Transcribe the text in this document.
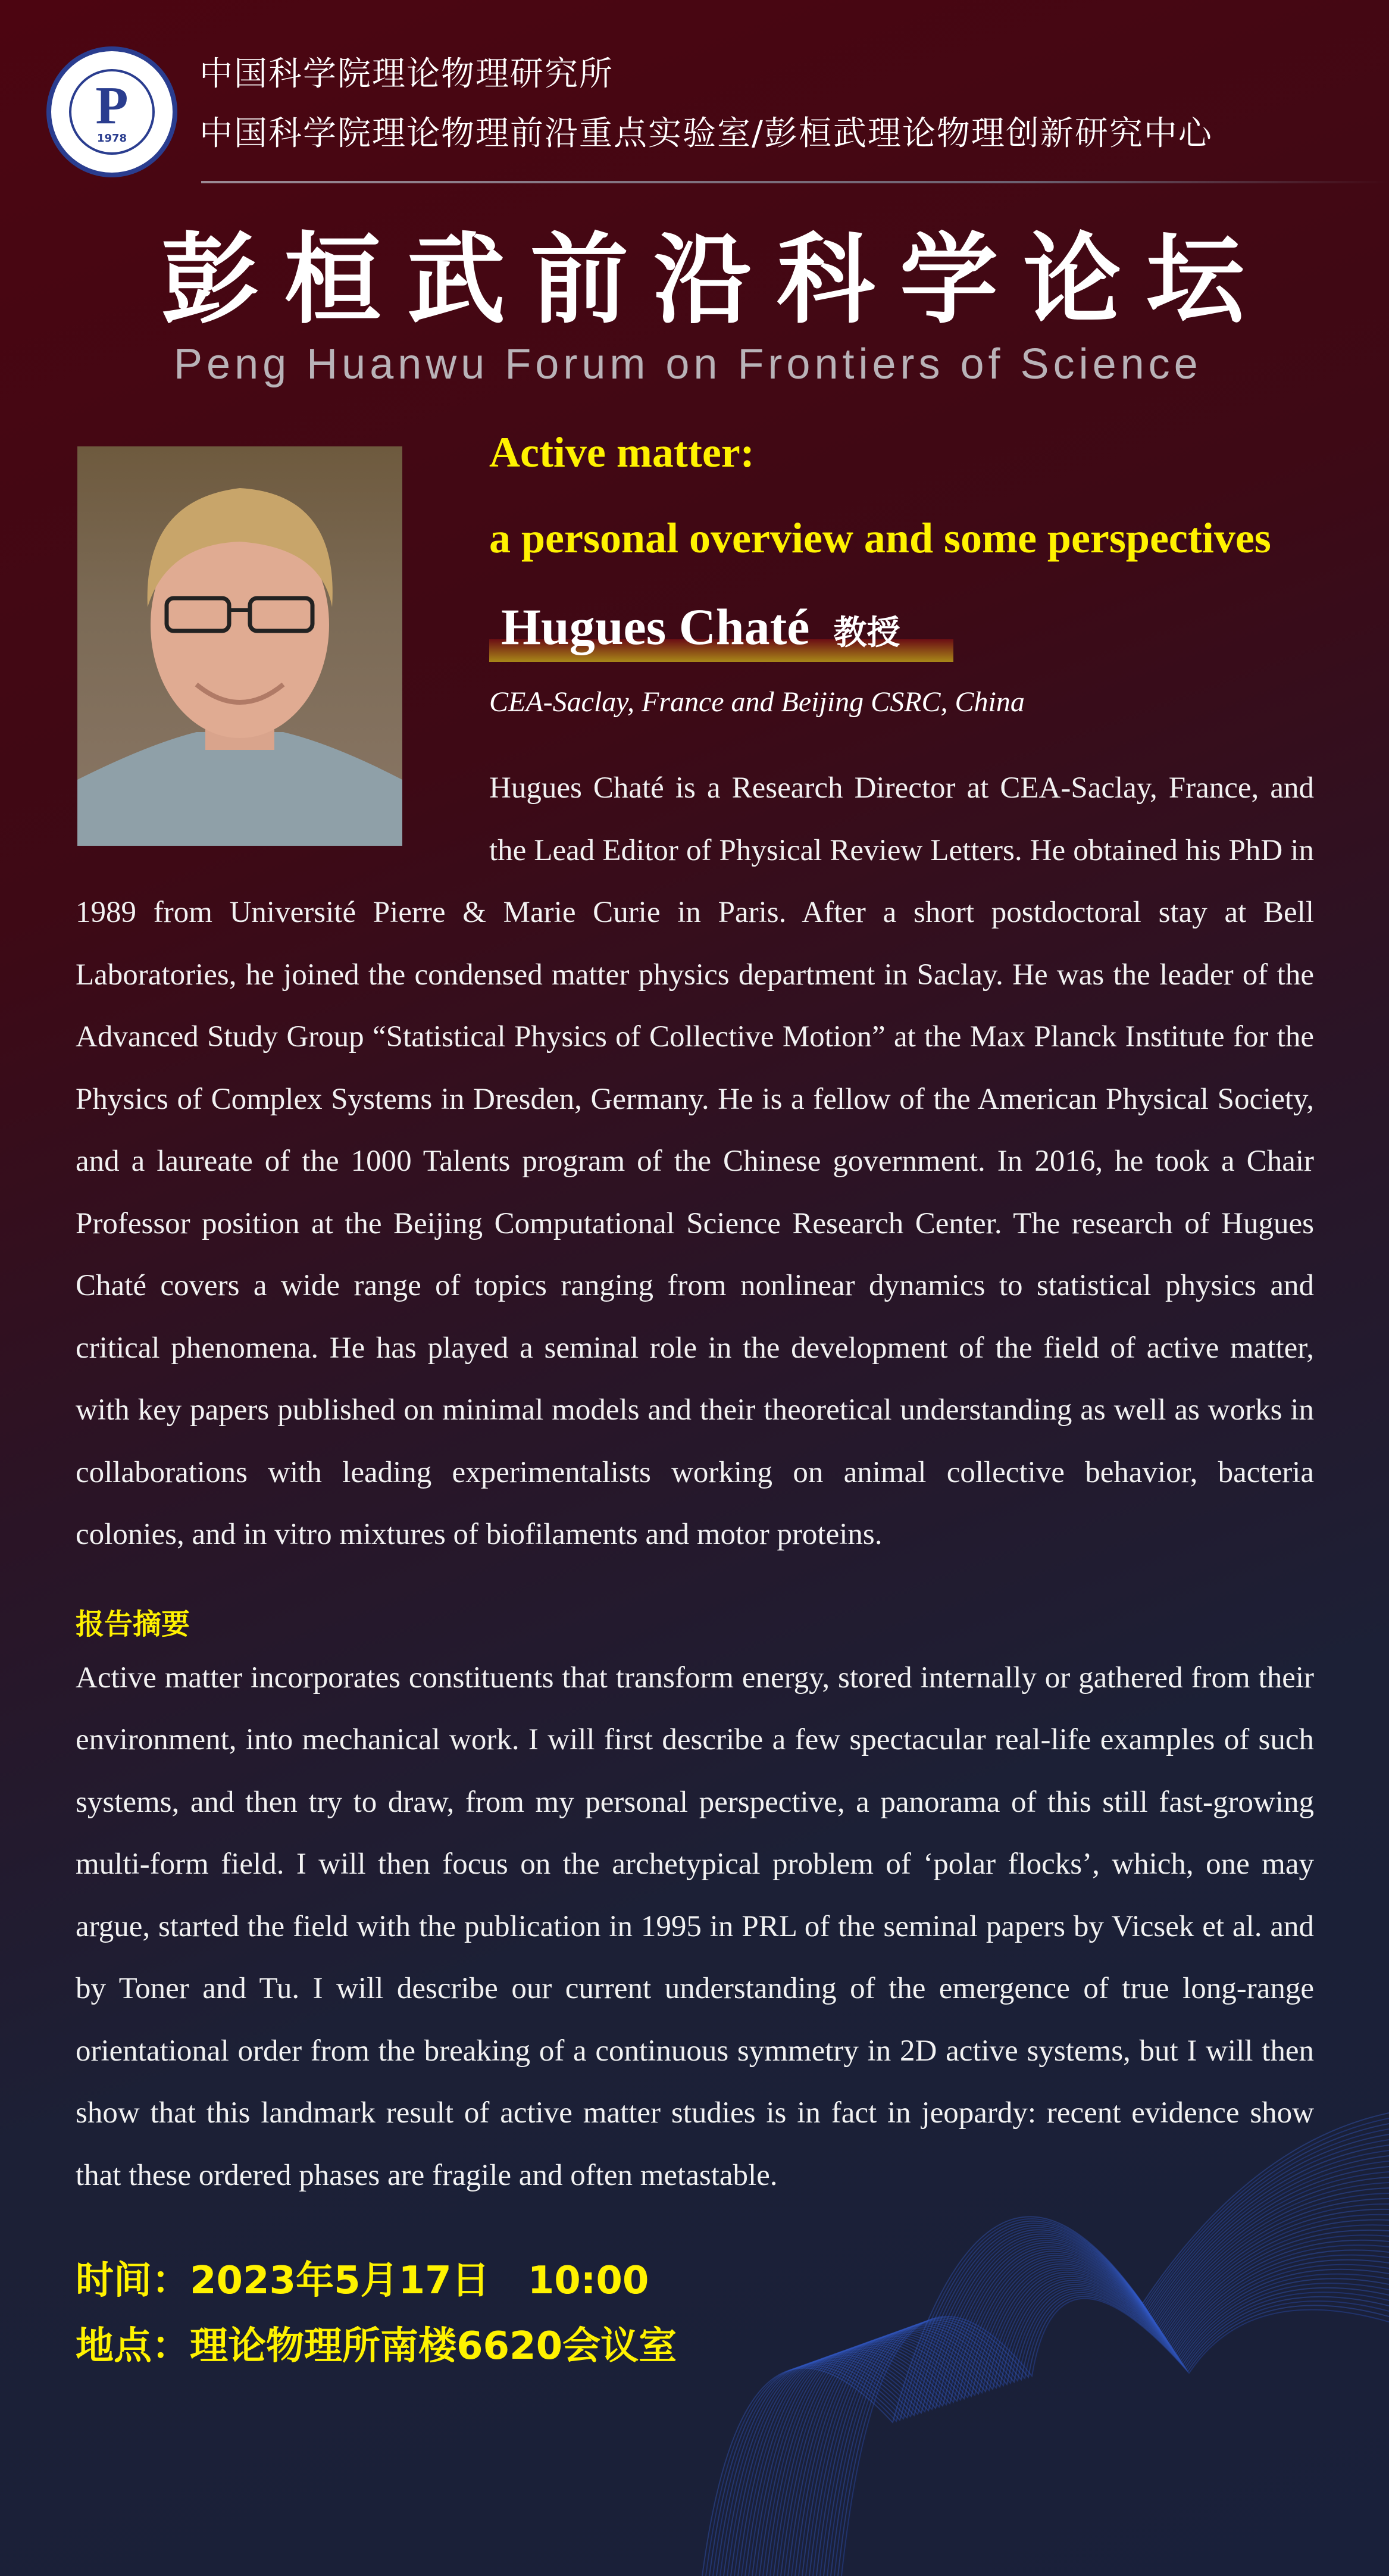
P
1978
中国科学院理论物理研究所
中国科学院理论物理前沿重点实验室/彭桓武理论物理创新研究中心
彭桓武前沿科学论坛
Peng Huanwu Forum on Frontiers of Science
Active matter:
a personal overview and some perspectives
Hugues Chaté 教授
CEA-Saclay, France and Beijing CSRC, China
Hugues Chaté is a Research Director at CEA-Saclay, France, and the Lead Editor of Physical Review Letters. He obtained his PhD in 1989 from Université Pierre & Marie Curie in Paris. After a short postdoctoral stay at Bell Laboratories, he joined the condensed matter physics department in Saclay. He was the leader of the Advanced Study Group “Statistical Physics of Collective Motion” at the Max Planck Institute for the Physics of Complex Systems in Dresden, Germany. He is a fellow of the American Physical Society, and a laureate of the 1000 Talents program of the Chinese government. In 2016, he took a Chair Professor position at the Beijing Computational Science Research Center. The research of Hugues Chaté covers a wide range of topics ranging from nonlinear dynamics to statistical physics and critical phenomena. He has played a seminal role in the development of the field of active matter, with key papers published on minimal models and their theoretical understanding as well as works in collaborations with leading experimentalists working on animal collective behavior, bacteria colonies, and in vitro mixtures of biofilaments and motor proteins.
报告摘要
Active matter incorporates constituents that transform energy, stored internally or gathered from their environment, into mechanical work. I will first describe a few spectacular real-life examples of such systems, and then try to draw, from my personal perspective, a panorama of this still fast-growing multi-form field. I will then focus on the archetypical problem of ‘polar flocks’, which, one may argue, started the field with the publication in 1995 in PRL of the seminal papers by Vicsek et al. and by Toner and Tu. I will describe our current understanding of the emergence of true long-range orientational order from the breaking of a continuous symmetry in 2D active systems, but I will then show that this landmark result of active matter studies is in fact in jeopardy: recent evidence show that these ordered phases are fragile and often metastable.
时间：2023年5月17日　10:00
地点：理论物理所南楼6620会议室
